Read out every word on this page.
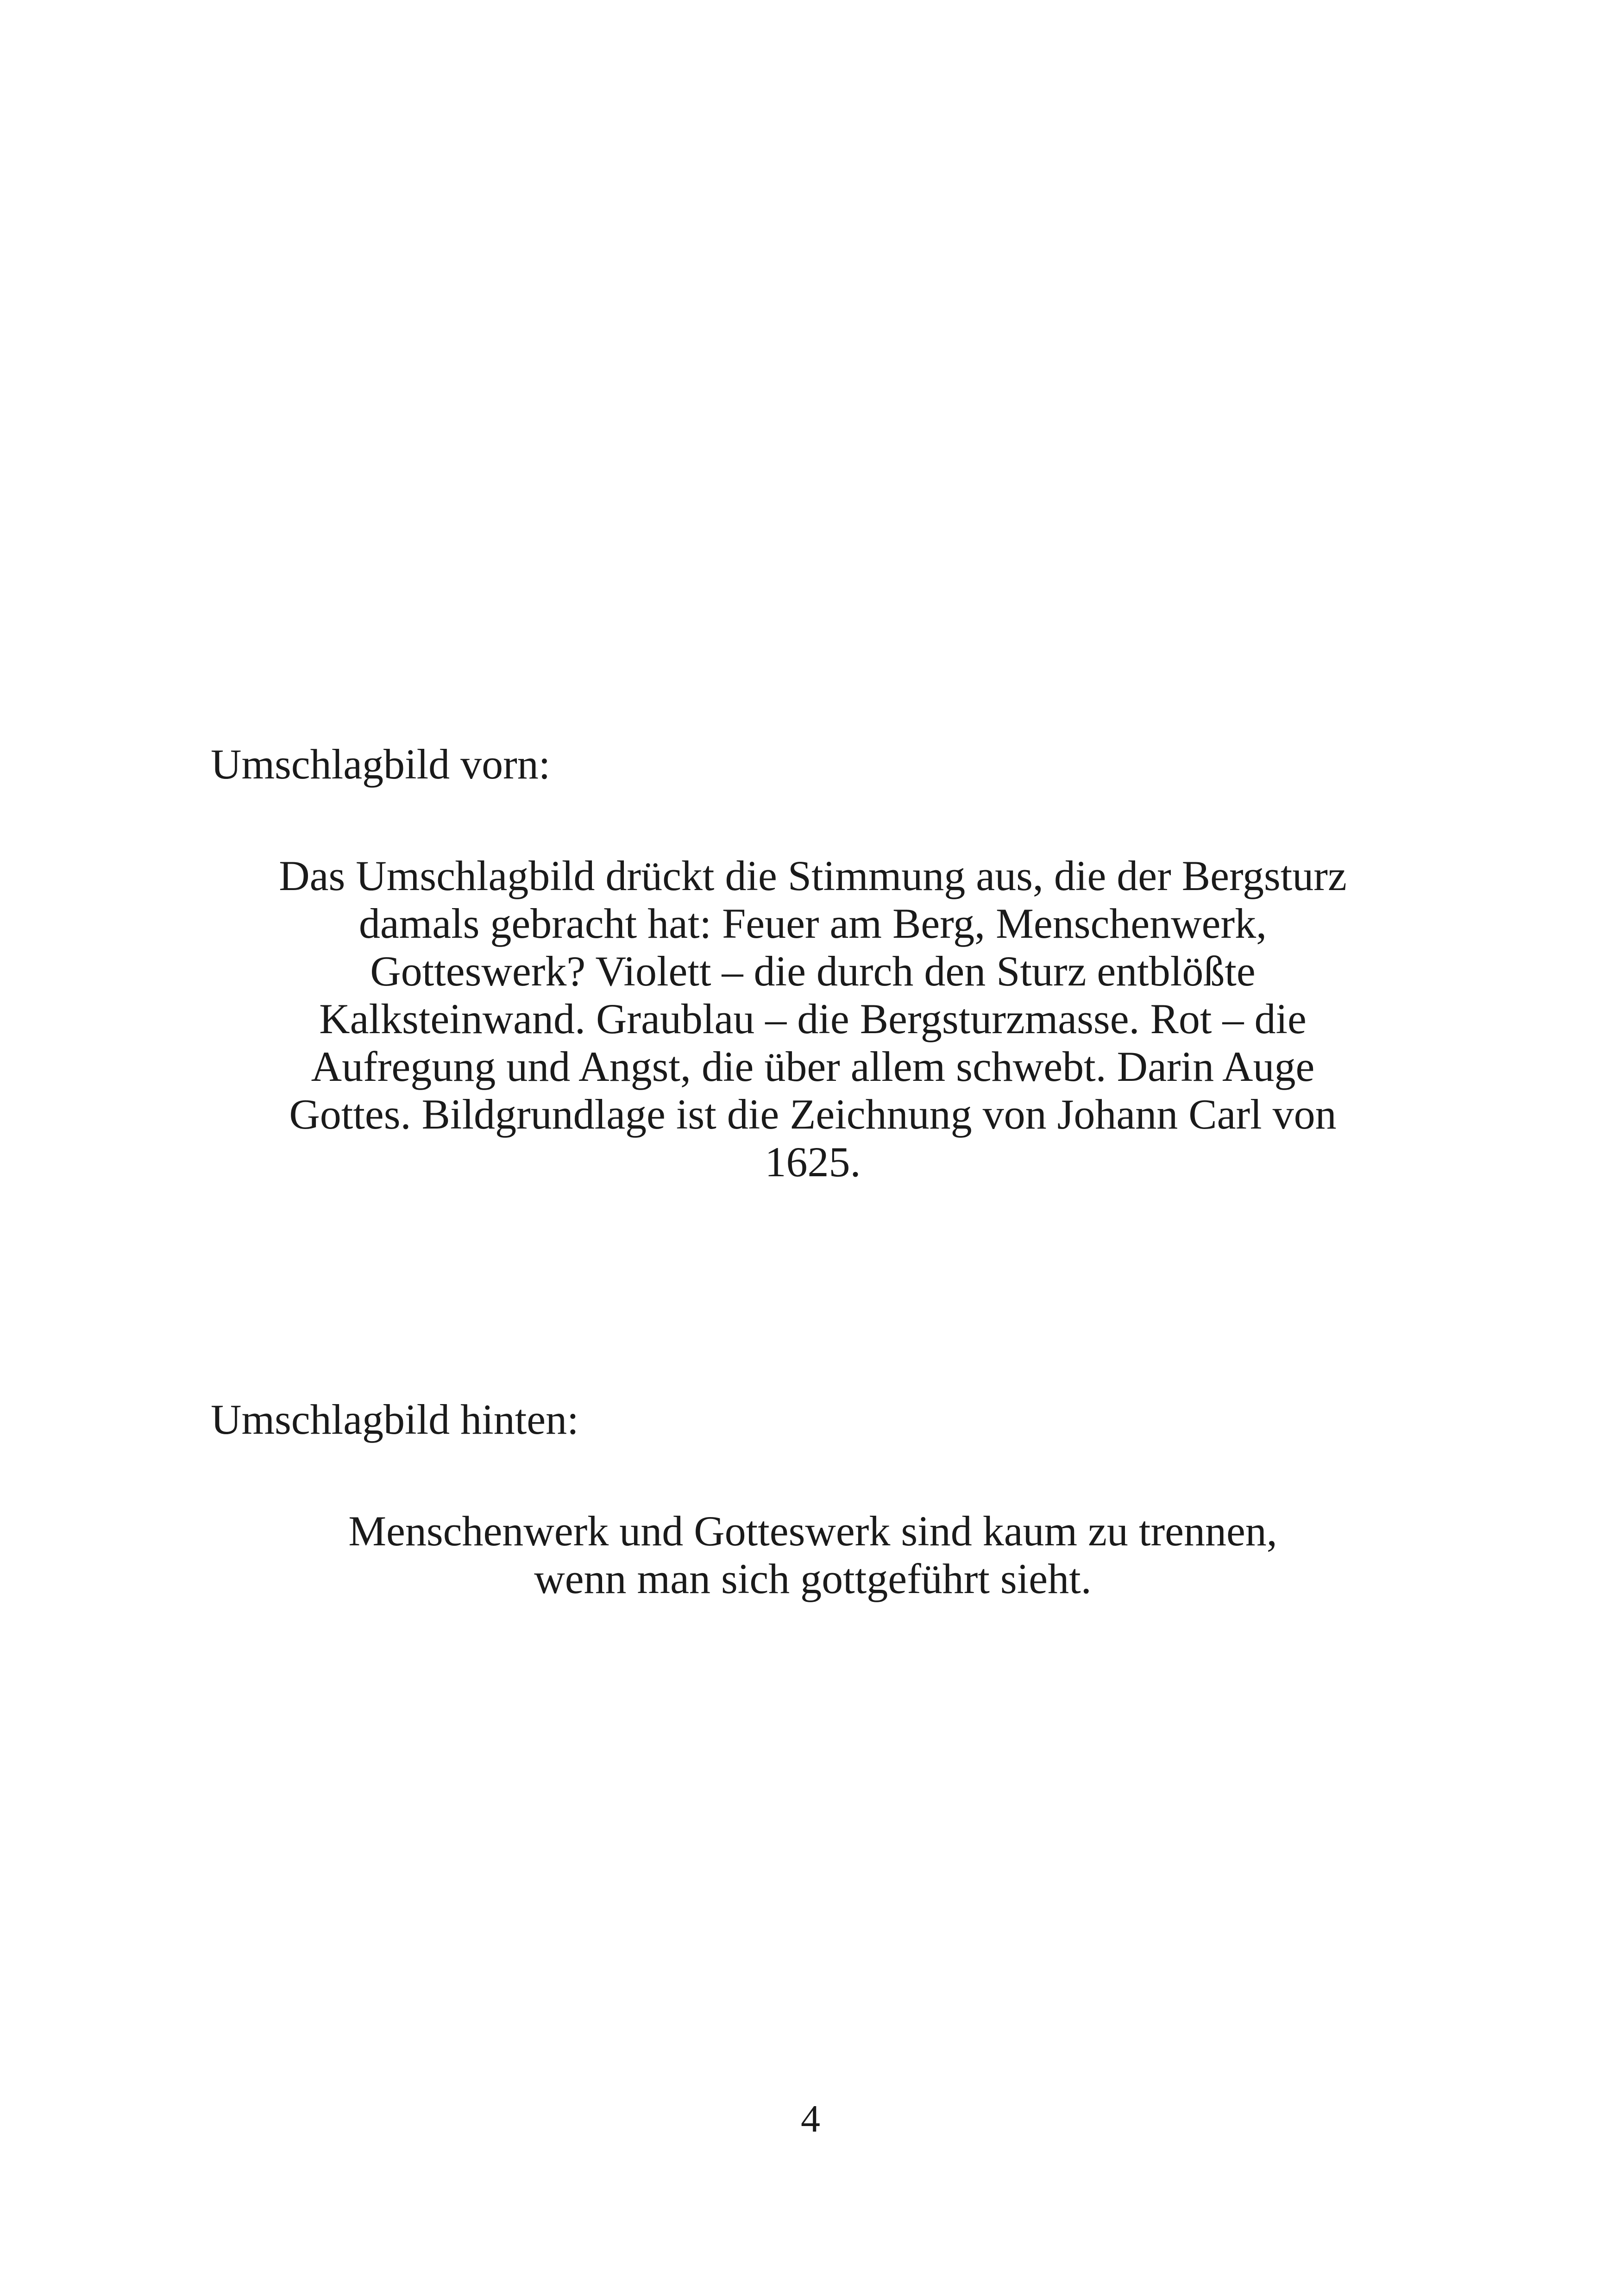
Umschlagbild vorn:
Das Umschlagbild drückt die Stimmung aus, die der Bergsturz
damals gebracht hat: Feuer am Berg, Menschenwerk,
Gotteswerk? Violett – die durch den Sturz entblößte
Kalksteinwand. Graublau – die Bergsturzmasse. Rot – die
Aufregung und Angst, die über allem schwebt. Darin Auge
Gottes. Bildgrundlage ist die Zeichnung von Johann Carl von
1625.
Umschlagbild hinten:
Menschenwerk und Gotteswerk sind kaum zu trennen,
wenn man sich gottgeführt sieht.

4
